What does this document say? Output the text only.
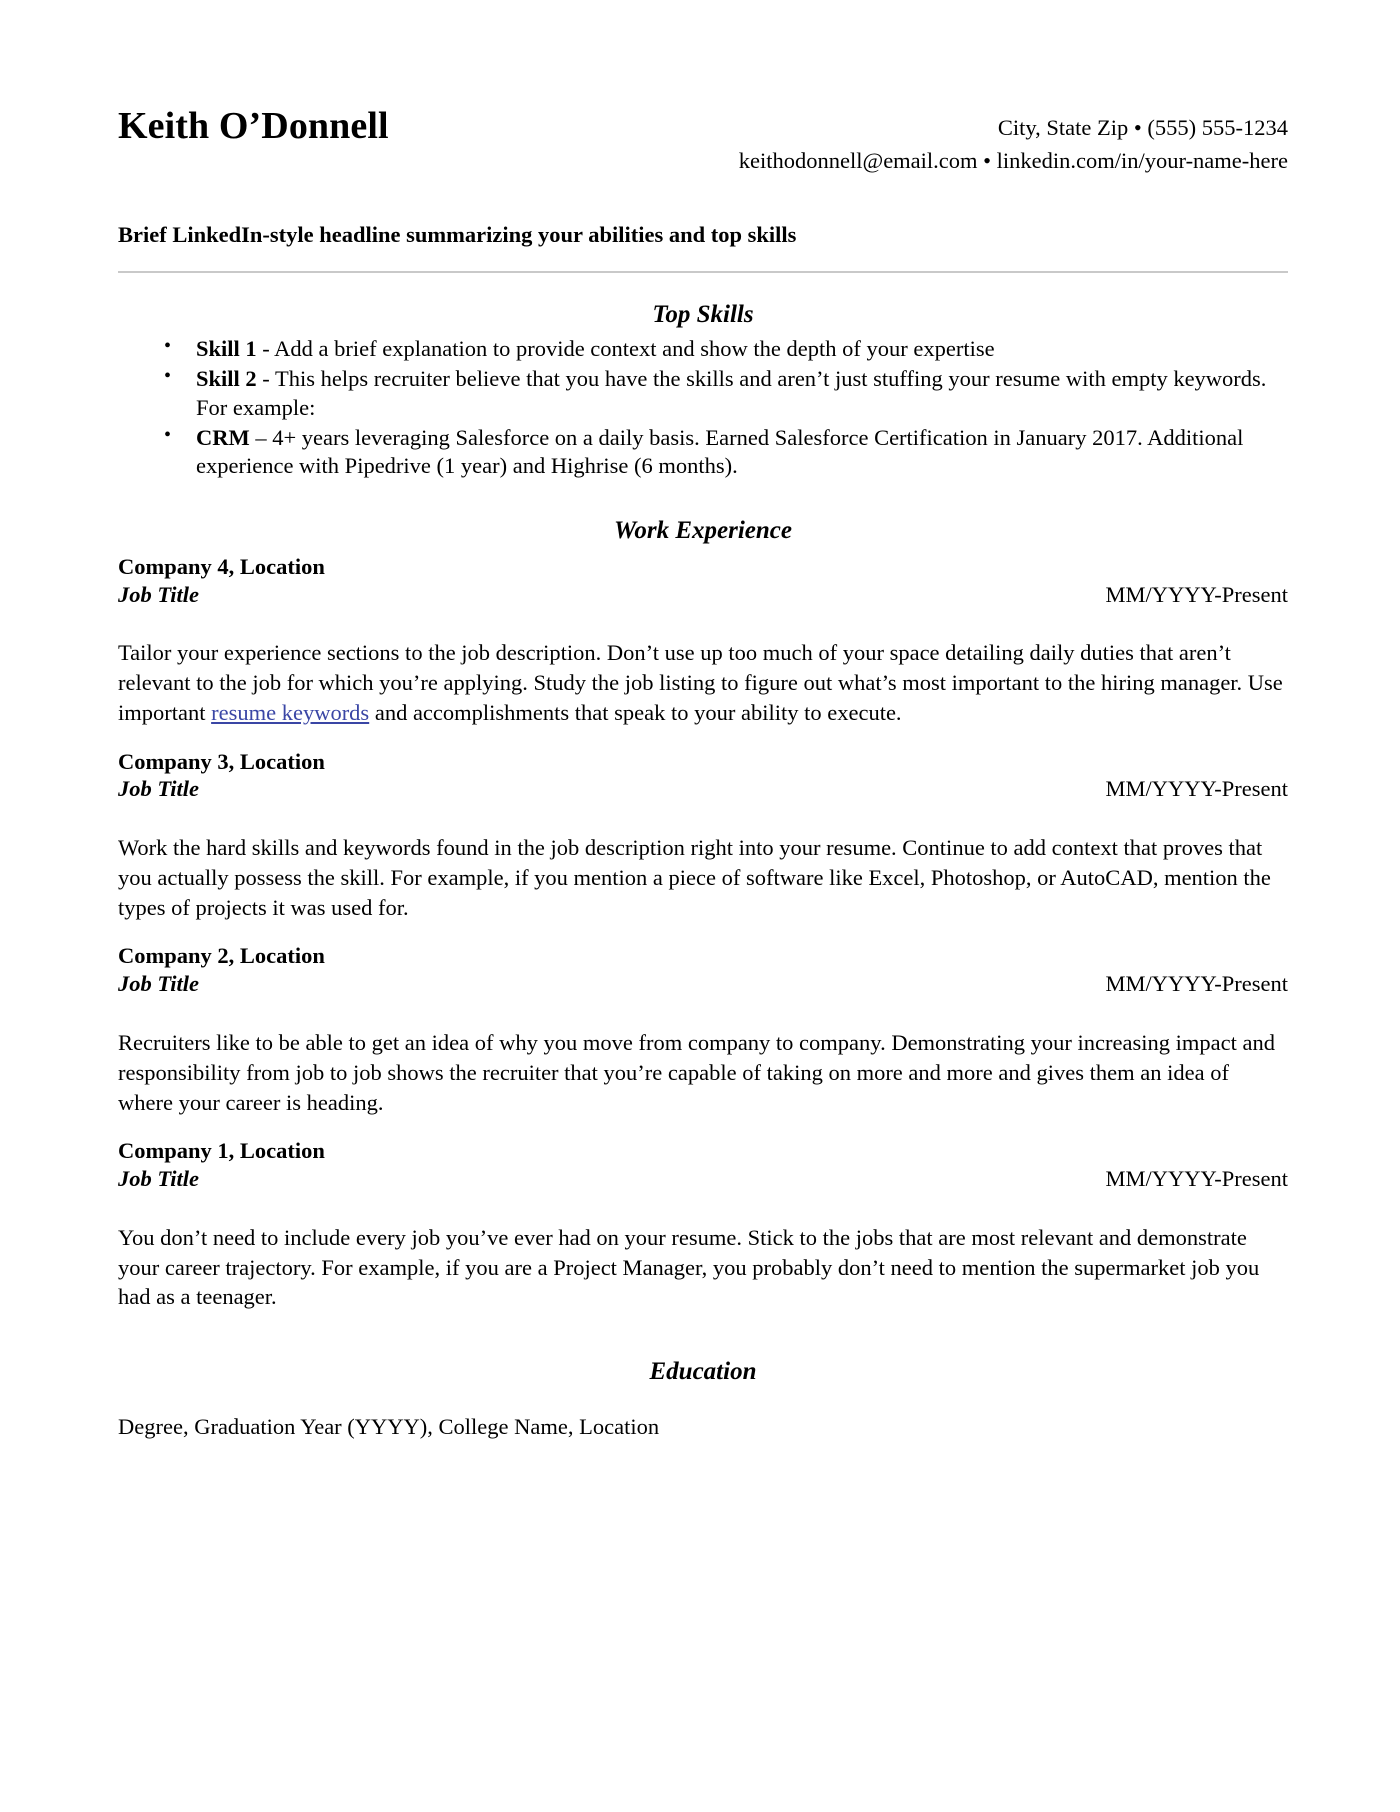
Keith O’Donnell	City, State Zip • (555) 555-1234
keithodonnell@email.com • linkedin.com/in/your-name-here
Brief LinkedIn-style headline summarizing your abilities and top skills
Top Skills
• Skill 1 - Add a brief explanation to provide context and show the depth of your expertise
• Skill 2 - This helps recruiter believe that you have the skills and aren’t just stuffing your resume with empty keywords. For example:
• CRM – 4+ years leveraging Salesforce on a daily basis. Earned Salesforce Certification in January 2017. Additional experience with Pipedrive (1 year) and Highrise (6 months).
Work Experience
Company 4, Location
Job Title	MM/YYYY-Present
Tailor your experience sections to the job description. Don’t use up too much of your space detailing daily duties that aren’t relevant to the job for which you’re applying. Study the job listing to figure out what’s most important to the hiring manager. Use important resume keywords and accomplishments that speak to your ability to execute.
Company 3, Location
Job Title	MM/YYYY-Present
Work the hard skills and keywords found in the job description right into your resume. Continue to add context that proves that you actually possess the skill. For example, if you mention a piece of software like Excel, Photoshop, or AutoCAD, mention the types of projects it was used for.
Company 2, Location
Job Title	MM/YYYY-Present
Recruiters like to be able to get an idea of why you move from company to company. Demonstrating your increasing impact and responsibility from job to job shows the recruiter that you’re capable of taking on more and more and gives them an idea of where your career is heading.
Company 1, Location
Job Title	MM/YYYY-Present
You don’t need to include every job you’ve ever had on your resume. Stick to the jobs that are most relevant and demonstrate your career trajectory. For example, if you are a Project Manager, you probably don’t need to mention the supermarket job you had as a teenager.
Education
Degree, Graduation Year (YYYY), College Name, Location
